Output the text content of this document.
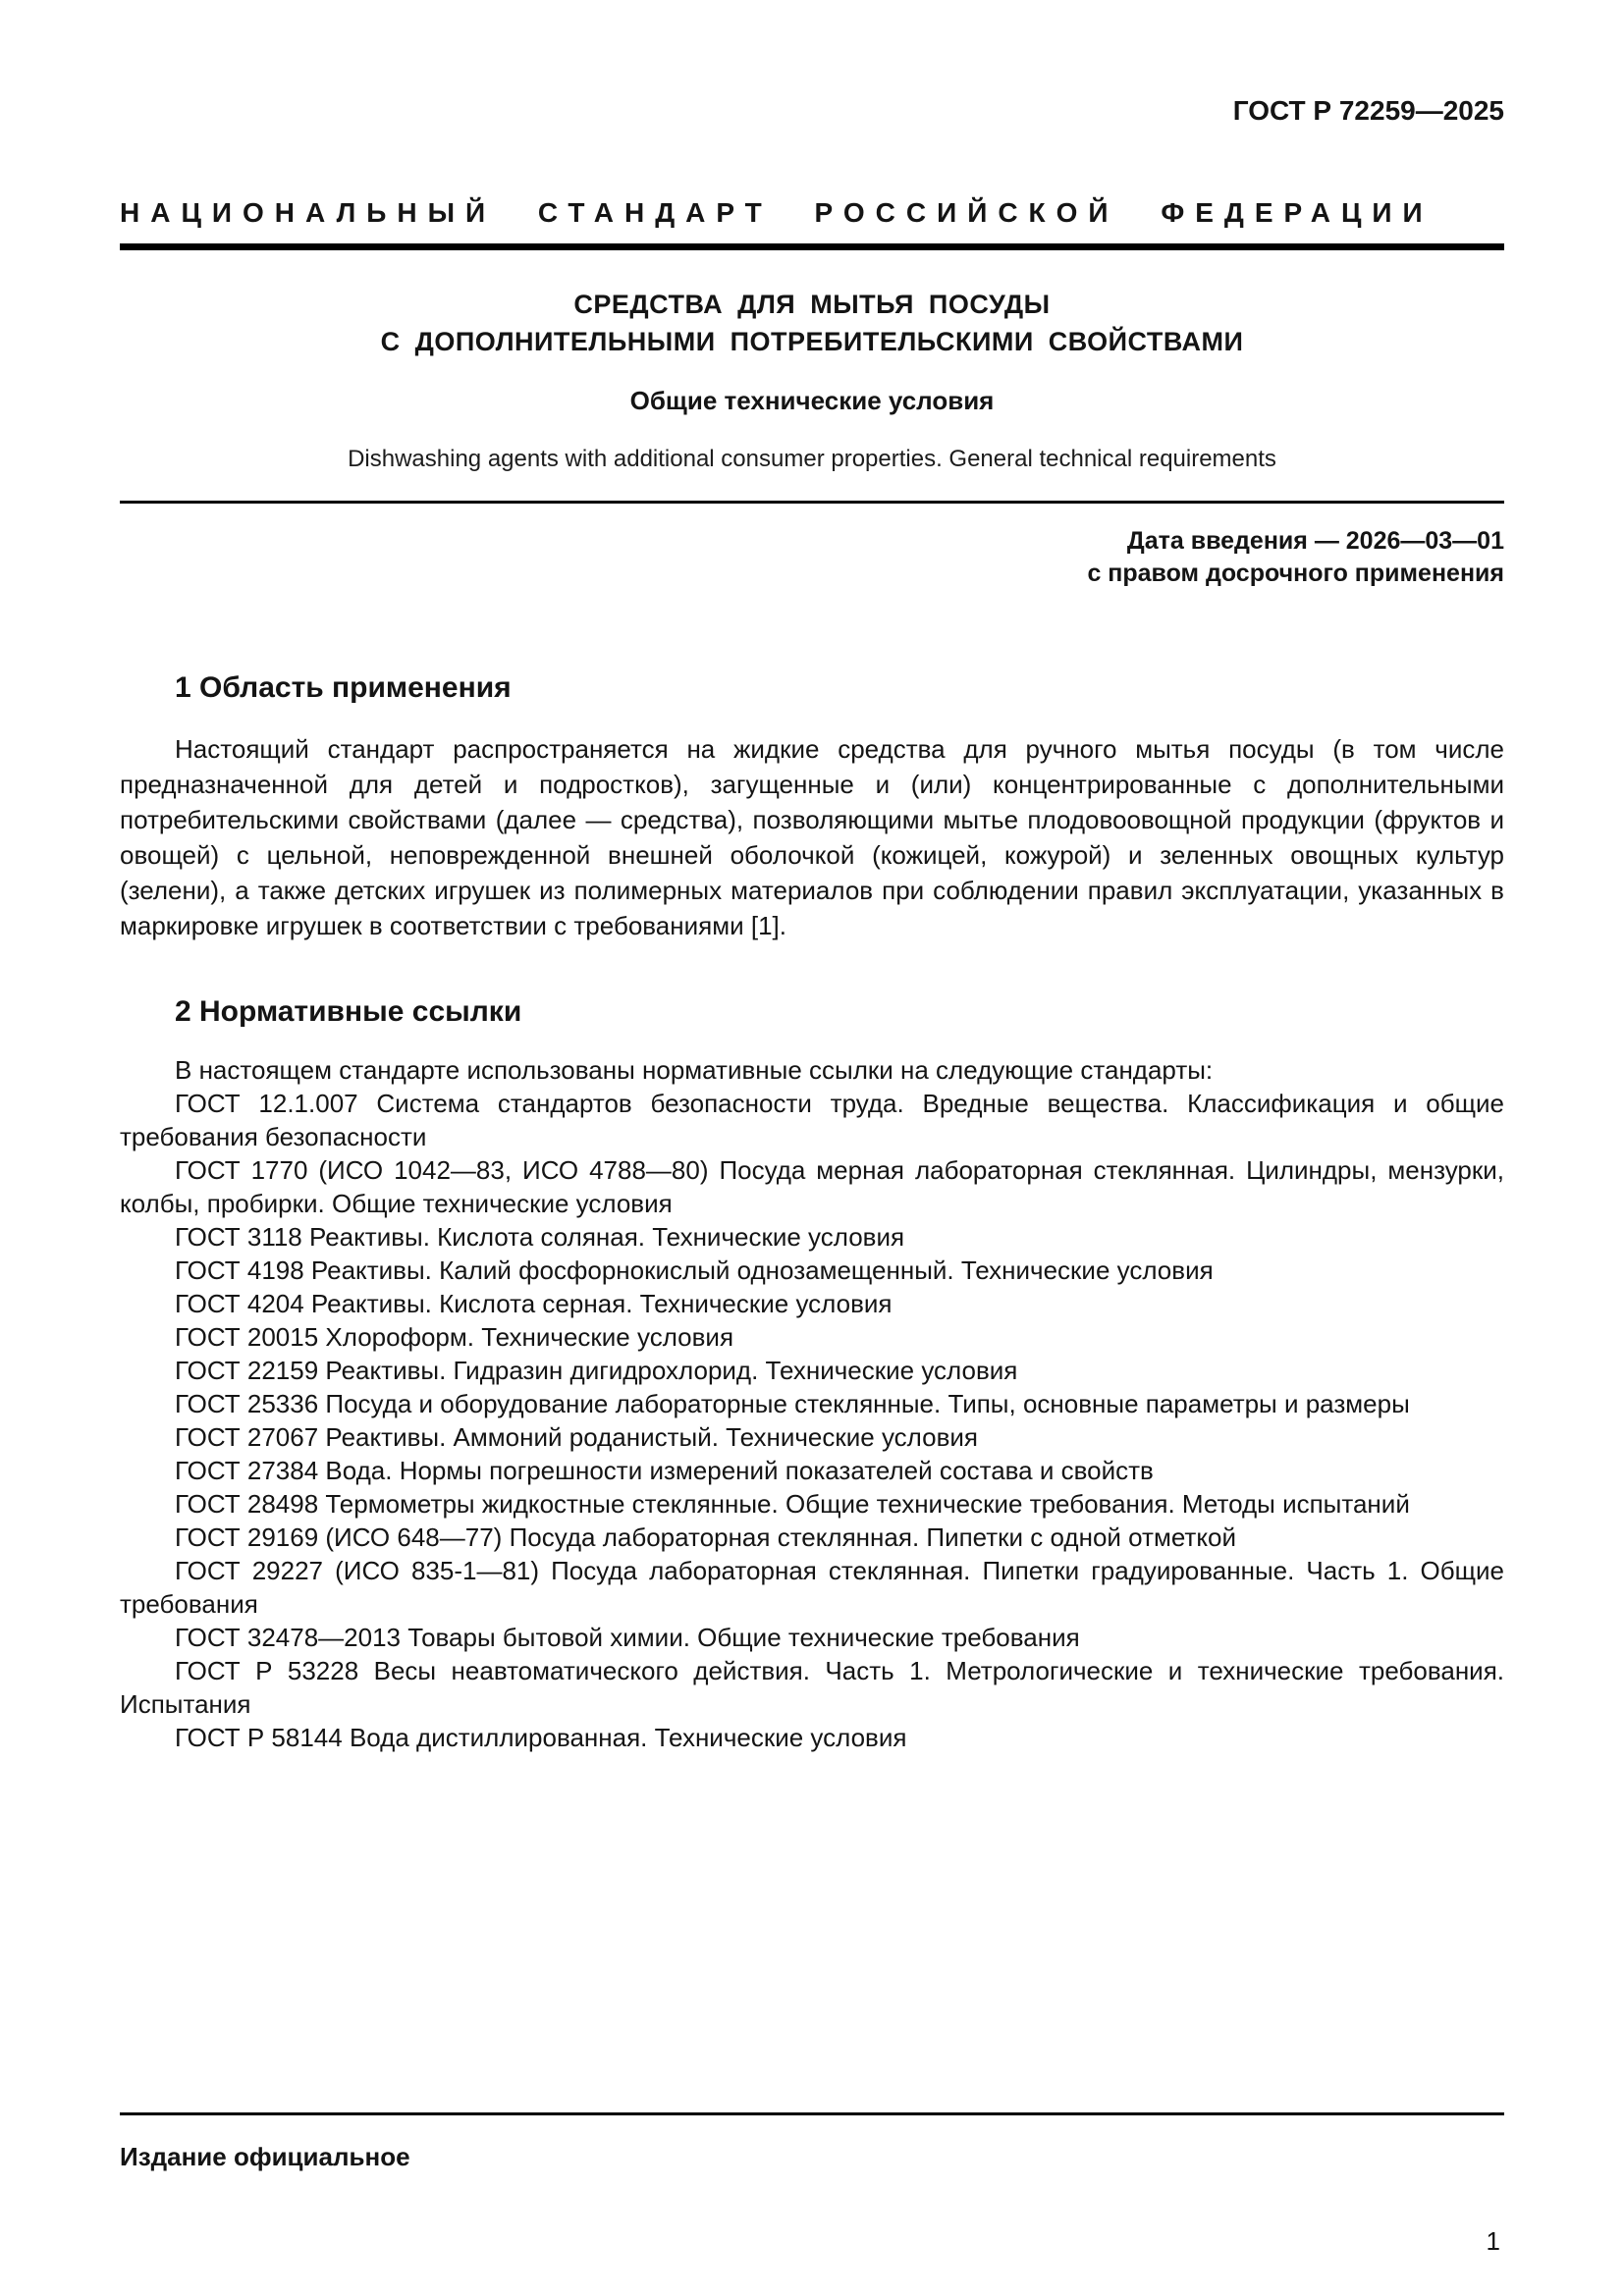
ГОСТ Р 72259—2025
НАЦИОНАЛЬНЫЙ СТАНДАРТ РОССИЙСКОЙ ФЕДЕРАЦИИ
СРЕДСТВА ДЛЯ МЫТЬЯ ПОСУДЫ
С ДОПОЛНИТЕЛЬНЫМИ ПОТРЕБИТЕЛЬСКИМИ СВОЙСТВАМИ
Общие технические условия
Dishwashing agents with additional consumer properties. General technical requirements
Дата введения — 2026—03—01
с правом досрочного применения
1 Область применения

Настоящий стандарт распространяется на жидкие средства для ручного мытья посуды (в том числе предназначенной для детей и подростков), загущенные и (или) концентрированные с дополнительными потребительскими свойствами (далее — средства), позволяющими мытье плодовоовощной продукции (фруктов и овощей) с цельной, неповрежденной внешней оболочкой (кожицей, кожурой) и зеленных овощных культур (зелени), а также детских игрушек из полимерных материалов при соблюдении правил эксплуатации, указанных в маркировке игрушек в соответствии с требованиями [1].

2 Нормативные ссылки

В настоящем стандарте использованы нормативные ссылки на следующие стандарты:

ГОСТ 12.1.007 Система стандартов безопасности труда. Вредные вещества. Классификация и общие требования безопасности

ГОСТ 1770 (ИСО 1042—83, ИСО 4788—80) Посуда мерная лабораторная стеклянная. Цилиндры, мензурки, колбы, пробирки. Общие технические условия

ГОСТ 3118 Реактивы. Кислота соляная. Технические условия

ГОСТ 4198 Реактивы. Калий фосфорнокислый однозамещенный. Технические условия

ГОСТ 4204 Реактивы. Кислота серная. Технические условия

ГОСТ 20015 Хлороформ. Технические условия

ГОСТ 22159 Реактивы. Гидразин дигидрохлорид. Технические условия

ГОСТ 25336 Посуда и оборудование лабораторные стеклянные. Типы, основные параметры и размеры

ГОСТ 27067 Реактивы. Аммоний роданистый. Технические условия

ГОСТ 27384 Вода. Нормы погрешности измерений показателей состава и свойств

ГОСТ 28498 Термометры жидкостные стеклянные. Общие технические требования. Методы испытаний

ГОСТ 29169 (ИСО 648—77) Посуда лабораторная стеклянная. Пипетки с одной отметкой

ГОСТ 29227 (ИСО 835-1—81) Посуда лабораторная стеклянная. Пипетки градуированные. Часть 1. Общие требования

ГОСТ 32478—2013 Товары бытовой химии. Общие технические требования

ГОСТ Р 53228 Весы неавтоматического действия. Часть 1. Метрологические и технические требования. Испытания

ГОСТ Р 58144 Вода дистиллированная. Технические условия

Издание официальное
1
